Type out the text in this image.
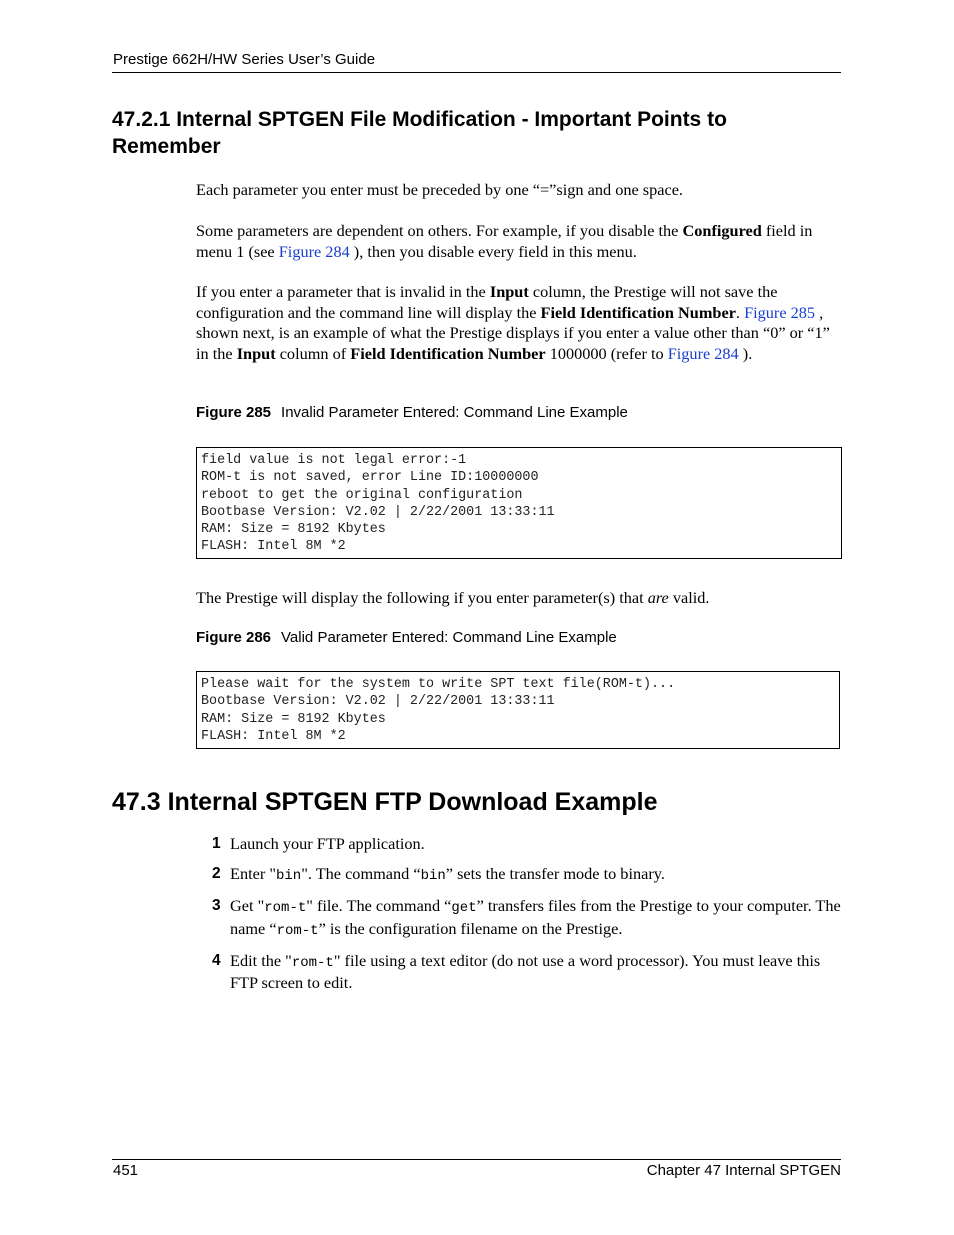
Prestige 662H/HW Series User’s Guide
47.2.1 Internal SPTGEN File Modification - Important Points to Remember
Each parameter you enter must be preceded by one “=”sign and one space.
Some parameters are dependent on others. For example, if you disable the Configured field in menu 1 (see Figure 284 ), then you disable every field in this menu.
If you enter a parameter that is invalid in the Input column, the Prestige will not save the configuration and the command line will display the Field Identification Number. Figure 285 , shown next, is an example of what the Prestige displays if you enter a value other than “0” or “1” in the Input column of Field Identification Number 1000000 (refer to Figure 284 ).
Figure 285 Invalid Parameter Entered: Command Line Example
field value is not legal error:-1
ROM-t is not saved, error Line ID:10000000
reboot to get the original configuration
Bootbase Version: V2.02 | 2/22/2001 13:33:11
RAM: Size = 8192 Kbytes
FLASH: Intel 8M *2
The Prestige will display the following if you enter parameter(s) that are valid.
Figure 286 Valid Parameter Entered: Command Line Example
Please wait for the system to write SPT text file(ROM-t)...
Bootbase Version: V2.02 | 2/22/2001 13:33:11
RAM: Size = 8192 Kbytes
FLASH: Intel 8M *2
47.3 Internal SPTGEN FTP Download Example
1 Launch your FTP application.
2 Enter "bin". The command “bin” sets the transfer mode to binary.
3 Get "rom-t" file. The command “get” transfers files from the Prestige to your computer. The name “rom-t” is the configuration filename on the Prestige.
4 Edit the "rom-t" file using a text editor (do not use a word processor). You must leave this FTP screen to edit.
451	Chapter 47 Internal SPTGEN
